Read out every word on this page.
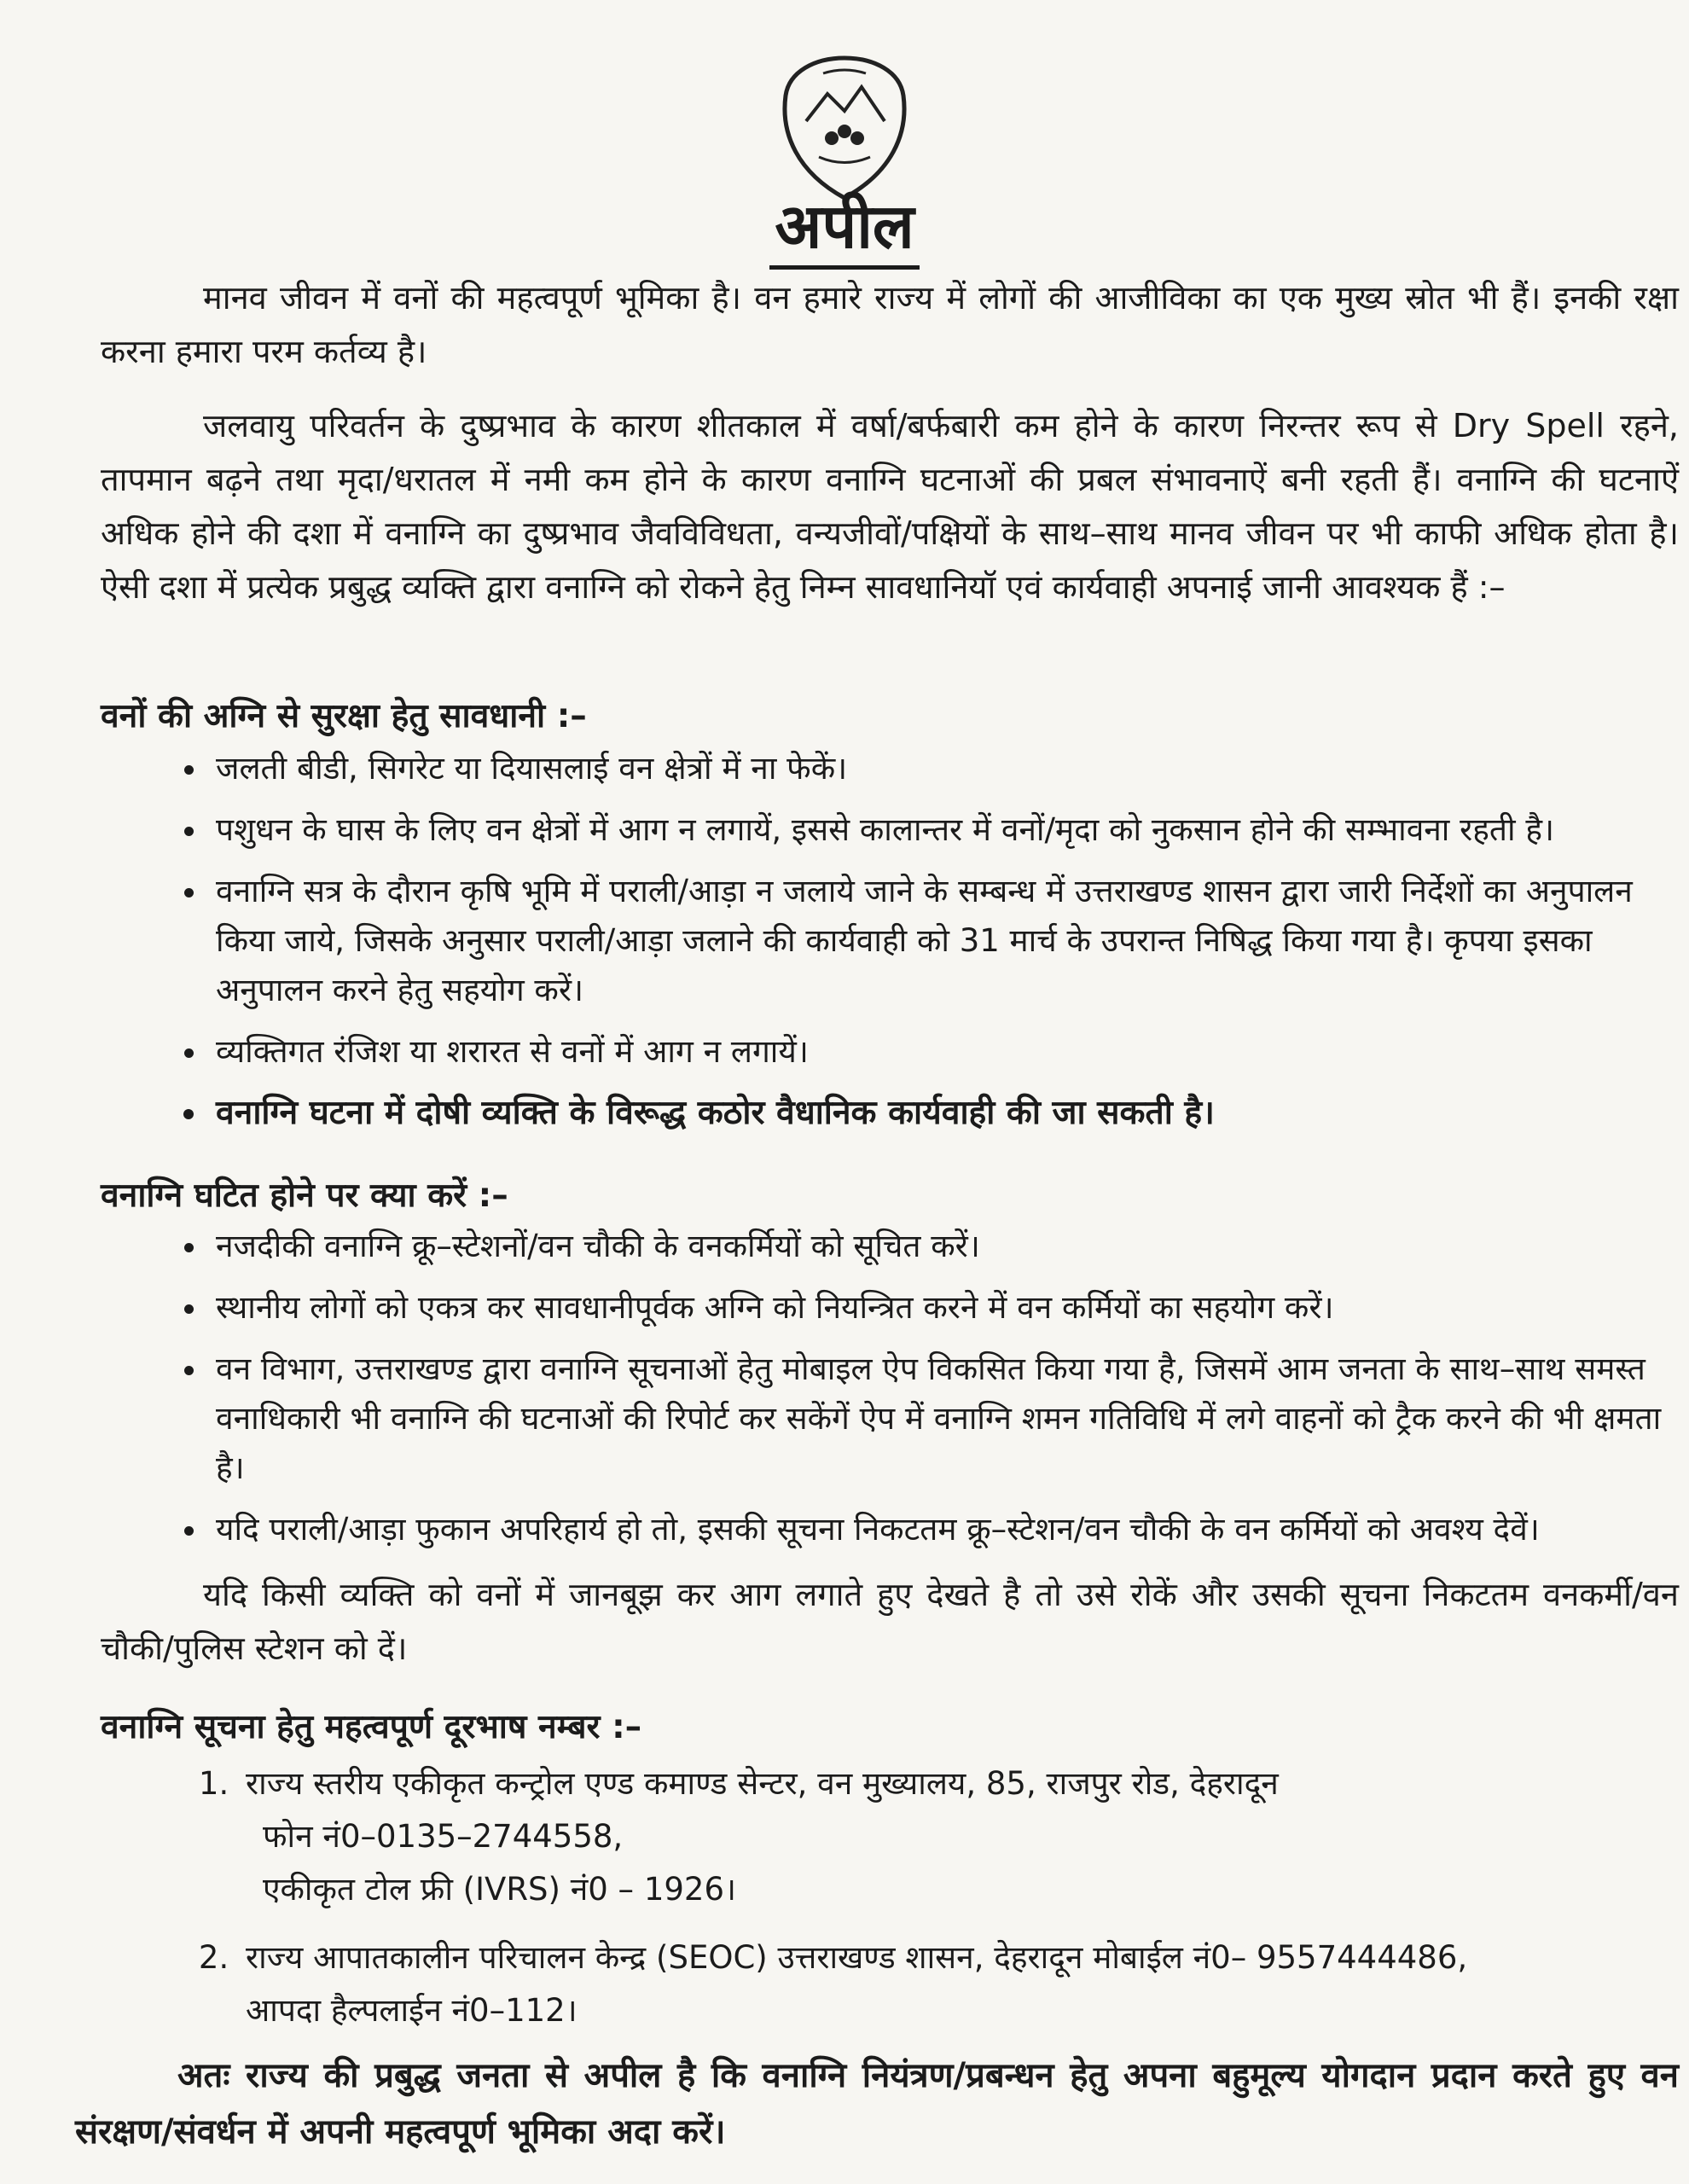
अपील
मानव जीवन में वनों की महत्वपूर्ण भूमिका है। वन हमारे राज्य में लोगों की आजीविका का एक मुख्य स्रोत भी हैं। इनकी रक्षा करना हमारा परम कर्तव्य है।
जलवायु परिवर्तन के दुष्प्रभाव के कारण शीतकाल में वर्षा/बर्फबारी कम होने के कारण निरन्तर रूप से Dry Spell रहने, तापमान बढ़ने तथा मृदा/धरातल में नमी कम होने के कारण वनाग्नि घटनाओं की प्रबल संभावनाऐं बनी रहती हैं। वनाग्नि की घटनाऐं अधिक होने की दशा में वनाग्नि का दुष्प्रभाव जैवविविधता, वन्यजीवों/पक्षियों के साथ–साथ मानव जीवन पर भी काफी अधिक होता है। ऐसी दशा में प्रत्येक प्रबुद्ध व्यक्ति द्वारा वनाग्नि को रोकने हेतु निम्न सावधानियॉ एवं कार्यवाही अपनाई जानी आवश्यक हैं :–
वनों की अग्नि से सुरक्षा हेतु सावधानी :–
• जलती बीडी, सिगरेट या दियासलाई वन क्षेत्रों में ना फेकें।
• पशुधन के घास के लिए वन क्षेत्रों में आग न लगायें, इससे कालान्तर में वनों/मृदा को नुकसान होने की सम्भावना रहती है।
• वनाग्नि सत्र के दौरान कृषि भूमि में पराली/आड़ा न जलाये जाने के सम्बन्ध में उत्तराखण्ड शासन द्वारा जारी निर्देशों का अनुपालन किया जाये, जिसके अनुसार पराली/आड़ा जलाने की कार्यवाही को 31 मार्च के उपरान्त निषिद्ध किया गया है। कृपया इसका अनुपालन करने हेतु सहयोग करें।
• व्यक्तिगत रंजिश या शरारत से वनों में आग न लगायें।
• वनाग्नि घटना में दोषी व्यक्ति के विरूद्ध कठोर वैधानिक कार्यवाही की जा सकती है।
वनाग्नि घटित होने पर क्या करें :–
• नजदीकी वनाग्नि क्रू–स्टेशनों/वन चौकी के वनकर्मियों को सूचित करें।
• स्थानीय लोगों को एकत्र कर सावधानीपूर्वक अग्नि को नियन्त्रित करने में वन कर्मियों का सहयोग करें।
• वन विभाग, उत्तराखण्ड द्वारा वनाग्नि सूचनाओं हेतु मोबाइल ऐप विकसित किया गया है, जिसमें आम जनता के साथ–साथ समस्त वनाधिकारी भी वनाग्नि की घटनाओं की रिपोर्ट कर सकेंगें ऐप में वनाग्नि शमन गतिविधि में लगे वाहनों को ट्रैक करने की भी क्षमता है।
• यदि पराली/आड़ा फुकान अपरिहार्य हो तो, इसकी सूचना निकटतम क्रू–स्टेशन/वन चौकी के वन कर्मियों को अवश्य देवें।
यदि किसी व्यक्ति को वनों में जानबूझ कर आग लगाते हुए देखते है तो उसे रोकें और उसकी सूचना निकटतम वनकर्मी/वन चौकी/पुलिस स्टेशन को दें।
वनाग्नि सूचना हेतु महत्वपूर्ण दूरभाष नम्बर :–
1. राज्य स्तरीय एकीकृत कन्ट्रोल एण्ड कमाण्ड सेन्टर, वन मुख्यालय, 85, राजपुर रोड, देहरादून
फोन नं0–0135–2744558,
एकीकृत टोल फ्री (IVRS) नं0 – 1926।
2. राज्य आपातकालीन परिचालन केन्द्र (SEOC) उत्तराखण्ड शासन, देहरादून मोबाईल नं0– 9557444486,
आपदा हैल्पलाईन नं0–112।
अतः राज्य की प्रबुद्ध जनता से अपील है कि वनाग्नि नियंत्रण/प्रबन्धन हेतु अपना बहुमूल्य योगदान प्रदान करते हुए वन संरक्षण/संवर्धन में अपनी महत्वपूर्ण भूमिका अदा करें।
